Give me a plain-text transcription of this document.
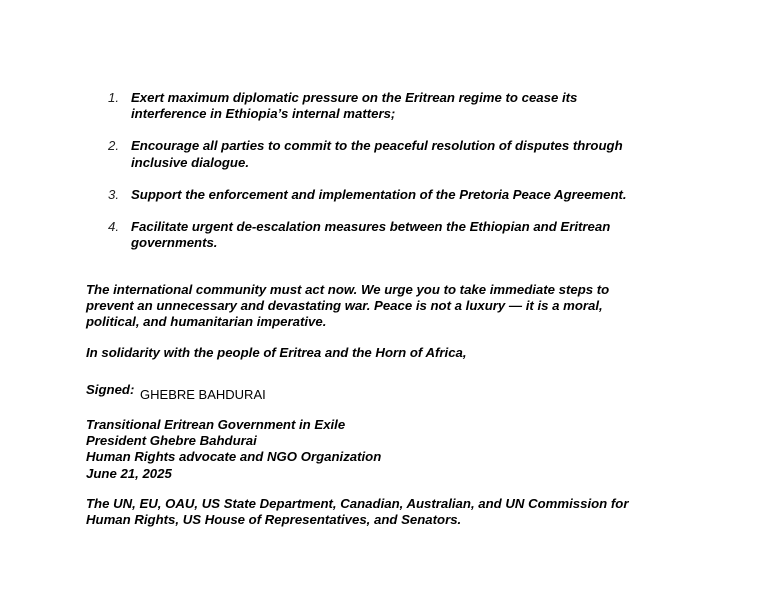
1. Exert maximum diplomatic pressure on the Eritrean regime to cease its
interference in Ethiopia’s internal matters;
2. Encourage all parties to commit to the peaceful resolution of disputes through
inclusive dialogue.
3. Support the enforcement and implementation of the Pretoria Peace Agreement.
4. Facilitate urgent de-escalation measures between the Ethiopian and Eritrean
governments.

The international community must act now. We urge you to take immediate steps to
prevent an unnecessary and devastating war. Peace is not a luxury — it is a moral,
political, and humanitarian imperative.

In solidarity with the people of Eritrea and the Horn of Africa,

Signed: GHEBRE BAHDURAI

Transitional Eritrean Government in Exile
President Ghebre Bahdurai
Human Rights advocate and NGO Organization
June 21, 2025

The UN, EU, OAU, US State Department, Canadian, Australian, and UN Commission for
Human Rights, US House of Representatives, and Senators.
